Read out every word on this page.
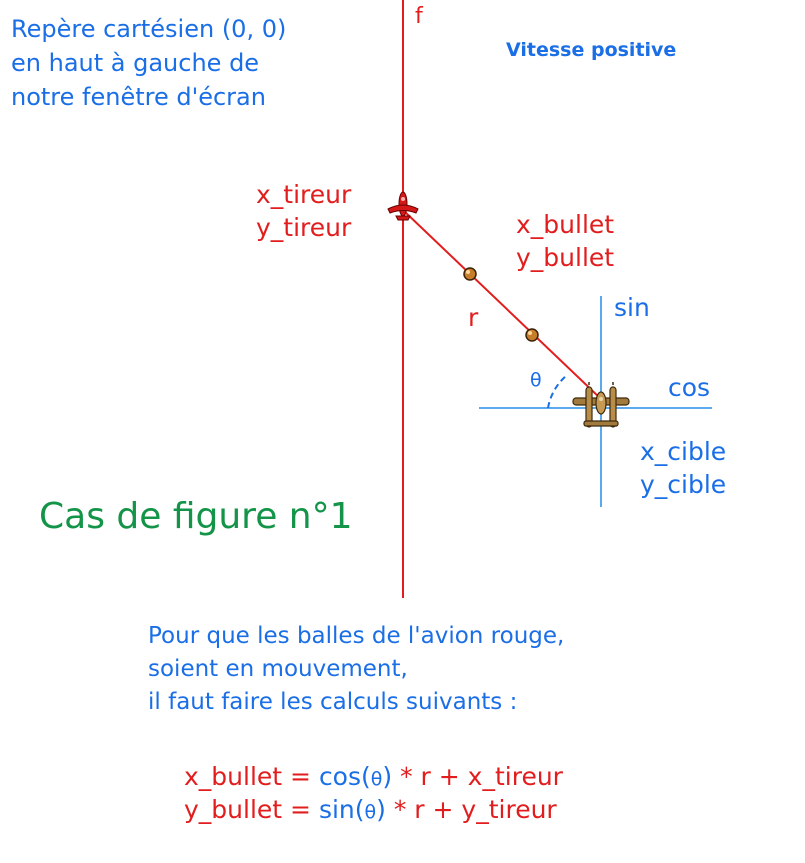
Repère cartésien (0, 0)
en haut à gauche de
notre fenêtre d'écran
Vitesse positive
f
x_tireur
y_tireur	x_bullet
y_bullet
r
θ
sin
cos
x_cible
y_cible
Cas de figure n°1
Pour que les balles de l'avion rouge,
soient en mouvement,
il faut faire les calculs suivants :
x_bullet = cos(θ) * r + x_tireur
y_bullet = sin(θ) * r + y_tireur
